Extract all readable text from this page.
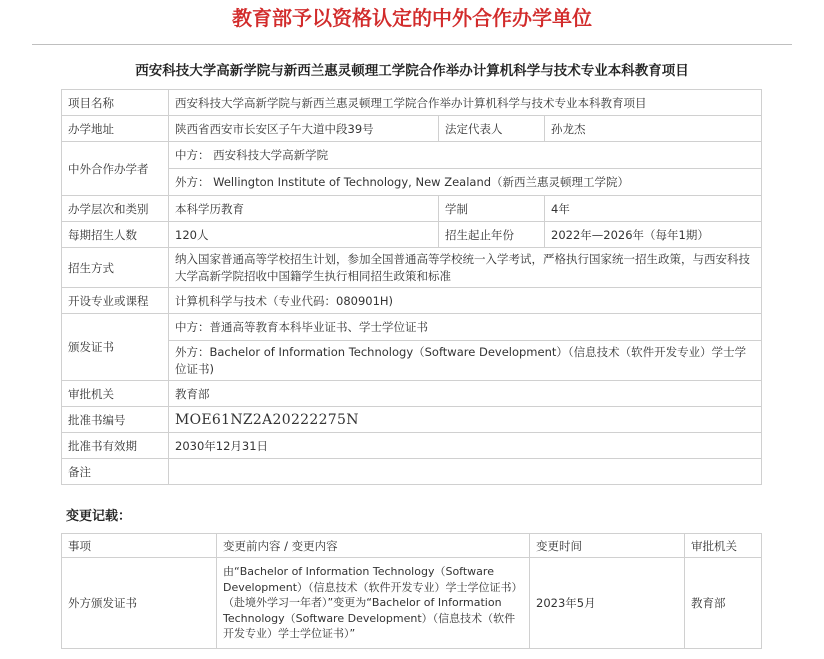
教育部予以资格认定的中外合作办学单位
西安科技大学高新学院与新西兰惠灵顿理工学院合作举办计算机科学与技术专业本科教育项目
项目名称	西安科技大学高新学院与新西兰惠灵顿理工学院合作举办计算机科学与技术专业本科教育项目		
办学地址	陕西省西安市长安区子午大道中段39号	法定代表人	孙龙杰
中外合作办学者	中方： 西安科技大学高新学院		
	外方： Wellington Institute of Technology, New Zealand（新西兰惠灵顿理工学院）		
办学层次和类别	本科学历教育	学制	4年
每期招生人数	120人	招生起止年份	2022年—2026年（每年1期）
招生方式	纳入国家普通高等学校招生计划，参加全国普通高等学校统一入学考试，严格执行国家统一招生政策，与西安科技大学高新学院招收中国籍学生执行相同招生政策和标准		
开设专业或课程	计算机科学与技术（专业代码：080901H)		
颁发证书	中方：普通高等教育本科毕业证书、学士学位证书		
	外方：Bachelor of Information Technology（Software Development）（信息技术（软件开发专业）学士学位证书)		
审批机关	教育部		
批准书编号	MOE61NZ2A20222275N		
批准书有效期	2030年12月31日		
备注			
变更记载：
事项	变更前内容 / 变更内容	变更时间	审批机关
外方颁发证书	由“Bachelor of Information Technology（Software Development）（信息技术（软件开发专业）学士学位证书）（赴境外学习一年者）”变更为“Bachelor of Information Technology（Software Development）（信息技术（软件开发专业）学士学位证书）”	2023年5月	教育部
